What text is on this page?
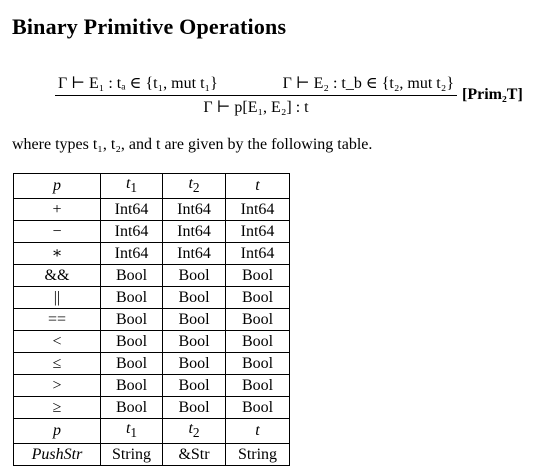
Binary Primitive Operations
Γ ⊢ E₁ : tₐ ∈ {t₁, mut t₁}	Γ ⊢ E₂ : t_b ∈ {t₂, mut t₂}
Γ ⊢ p[E₁, E₂] : t
[Prim₂T]
where types t₁, t₂, and t are given by the following table.
p	$t_1$	$t_2$	t
+	Int64	Int64	Int64
−	Int64	Int64	Int64
∗	Int64	Int64	Int64
&&	Bool	Bool	Bool
||	Bool	Bool	Bool
==	Bool	Bool	Bool
<	Bool	Bool	Bool
≤	Bool	Bool	Bool
>	Bool	Bool	Bool
≥	Bool	Bool	Bool
p	$t_1$	$t_2$	t
PushStr	String	&Str	String
